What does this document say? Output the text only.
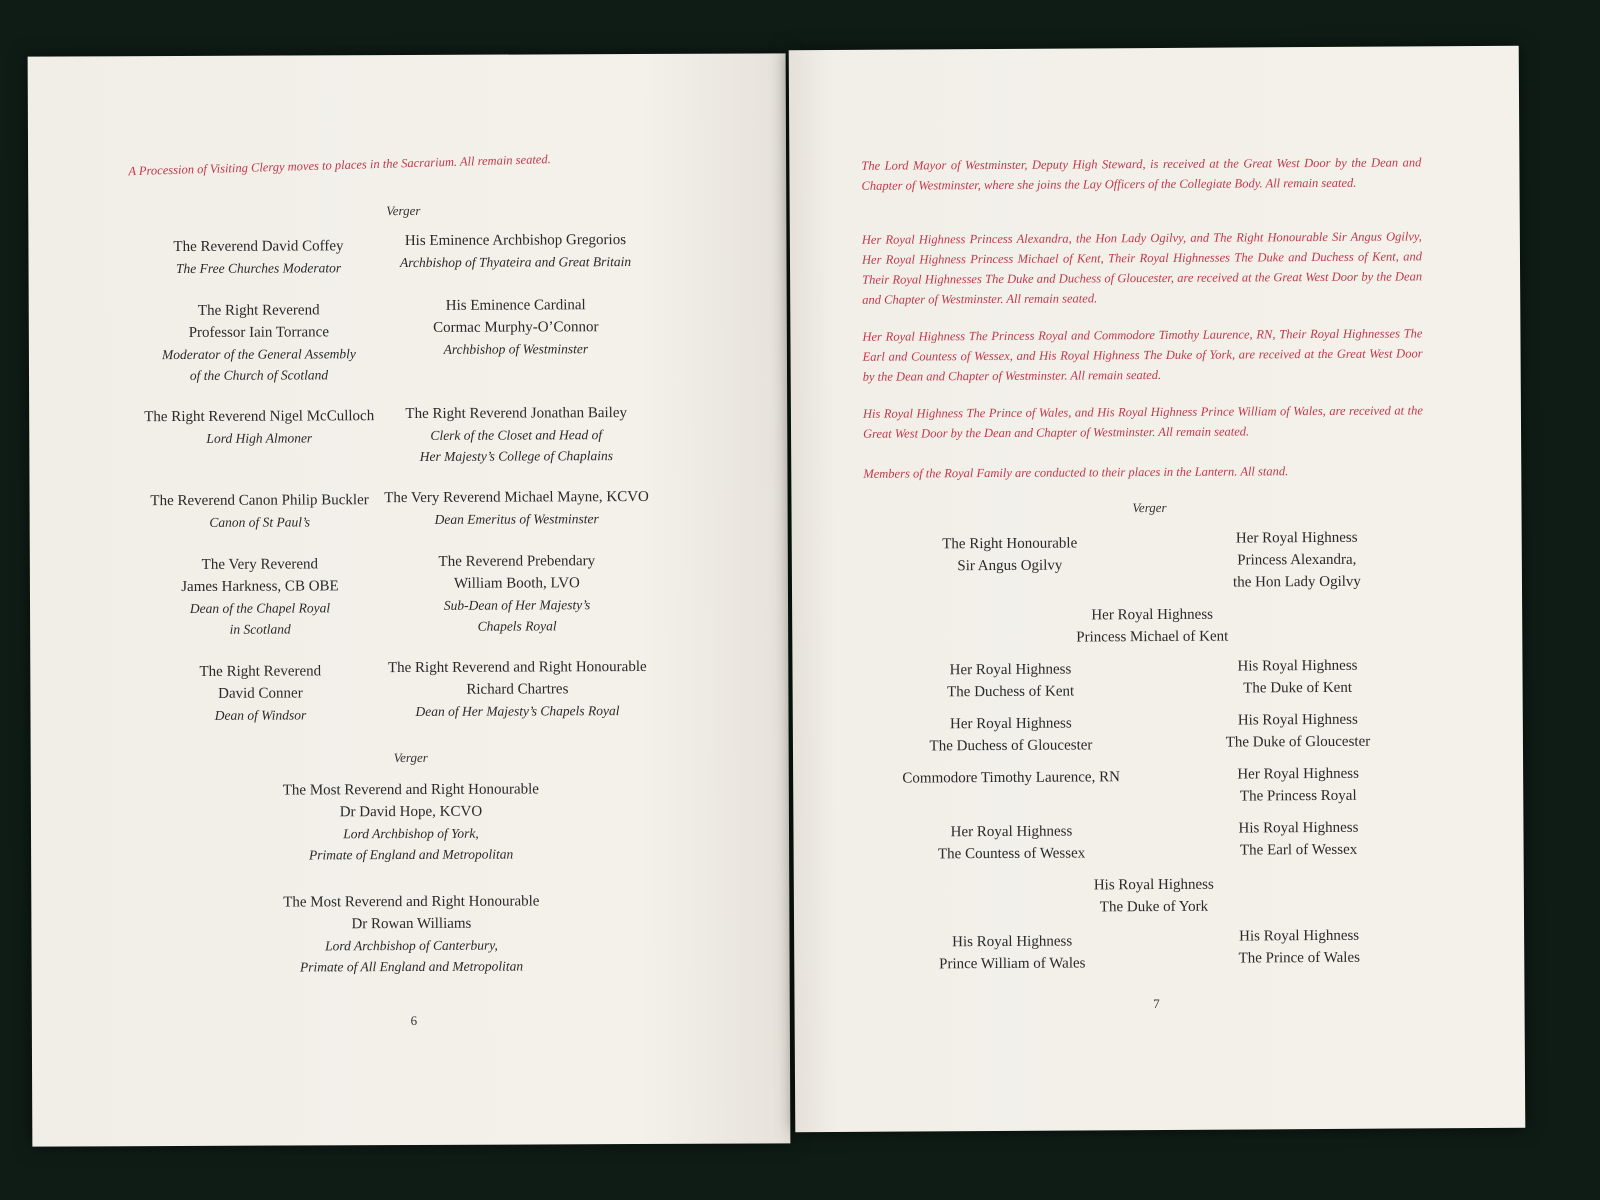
A Procession of Visiting Clergy moves to places in the Sacrarium. All remain seated.
Verger
The Reverend David Coffey
The Free Churches Moderator
His Eminence Archbishop Gregorios
Archbishop of Thyateira and Great Britain
The Right Reverend
Professor Iain Torrance
Moderator of the General Assembly
of the Church of Scotland
His Eminence Cardinal
Cormac Murphy-O’Connor
Archbishop of Westminster
The Right Reverend Nigel McCulloch
Lord High Almoner
The Right Reverend Jonathan Bailey
Clerk of the Closet and Head of
Her Majesty’s College of Chaplains
The Reverend Canon Philip Buckler
Canon of St Paul’s
The Very Reverend Michael Mayne, KCVO
Dean Emeritus of Westminster
The Very Reverend
James Harkness, CB OBE
Dean of the Chapel Royal
in Scotland
The Reverend Prebendary
William Booth, LVO
Sub-Dean of Her Majesty’s
Chapels Royal
The Right Reverend
David Conner
Dean of Windsor
The Right Reverend and Right Honourable
Richard Chartres
Dean of Her Majesty’s Chapels Royal
Verger
The Most Reverend and Right Honourable
Dr David Hope, KCVO
Lord Archbishop of York,
Primate of England and Metropolitan
The Most Reverend and Right Honourable
Dr Rowan Williams
Lord Archbishop of Canterbury,
Primate of All England and Metropolitan
6
The Lord Mayor of Westminster, Deputy High Steward, is received at the Great West Door by the Dean and Chapter of Westminster, where she joins the Lay Officers of the Collegiate Body. All remain seated.
Her Royal Highness Princess Alexandra, the Hon Lady Ogilvy, and The Right Honourable Sir Angus Ogilvy, Her Royal Highness Princess Michael of Kent, Their Royal Highnesses The Duke and Duchess of Kent, and Their Royal Highnesses The Duke and Duchess of Gloucester, are received at the Great West Door by the Dean and Chapter of Westminster. All remain seated.
Her Royal Highness The Princess Royal and Commodore Timothy Laurence, RN, Their Royal Highnesses The Earl and Countess of Wessex, and His Royal Highness The Duke of York, are received at the Great West Door by the Dean and Chapter of Westminster. All remain seated.
His Royal Highness The Prince of Wales, and His Royal Highness Prince William of Wales, are received at the Great West Door by the Dean and Chapter of Westminster. All remain seated.
Members of the Royal Family are conducted to their places in the Lantern. All stand.
Verger
The Right Honourable
Sir Angus Ogilvy
Her Royal Highness
Princess Alexandra,
the Hon Lady Ogilvy
Her Royal Highness
Princess Michael of Kent
Her Royal Highness
The Duchess of Kent
His Royal Highness
The Duke of Kent
Her Royal Highness
The Duchess of Gloucester
His Royal Highness
The Duke of Gloucester
Commodore Timothy Laurence, RN	Her Royal Highness
The Princess Royal
Her Royal Highness
The Countess of Wessex
His Royal Highness
The Earl of Wessex
His Royal Highness
The Duke of York
His Royal Highness
Prince William of Wales
His Royal Highness
The Prince of Wales
7
